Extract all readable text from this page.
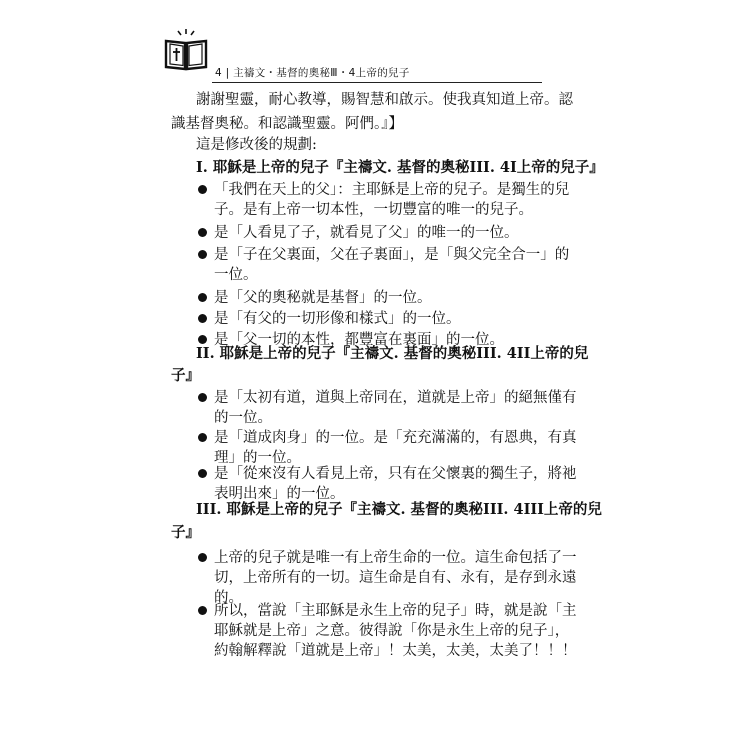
4 | 主禱文・基督的奧秘Ⅲ・4上帝的兒子
謝謝聖靈，耐心教導，賜智慧和啟示。使我真知道上帝。認
識基督奧秘。和認識聖靈。阿們。』】
這是修改後的規劃:
I. 耶穌是上帝的兒子『主禱文. 基督的奧秘III. 4I上帝的兒子』
「我們在天上的父」：主耶穌是上帝的兒子。是獨生的兒
子。是有上帝一切本性，一切豐富的唯一的兒子。
是「人看見了子，就看見了父」的唯一的一位。
是「子在父裏面，父在子裏面」，是「與父完全合一」的
一位。
是「父的奧秘就是基督」的一位。
是「有父的一切形像和樣式」的一位。
是「父一切的本性，都豐富在裏面」的一位。
II. 耶穌是上帝的兒子『主禱文. 基督的奧秘III. 4II上帝的兒
子』
是「太初有道，道與上帝同在，道就是上帝」的絕無僅有
的一位。
是「道成肉身」的一位。是「充充滿滿的，有恩典，有真
理」的一位。
是「從來沒有人看見上帝，只有在父懷裏的獨生子，將祂
表明出來」的一位。
III. 耶穌是上帝的兒子『主禱文. 基督的奧秘III. 4III上帝的兒
子』
上帝的兒子就是唯一有上帝生命的一位。這生命包括了一
切，上帝所有的一切。這生命是自有、永有，是存到永遠
的。
所以，當說「主耶穌是永生上帝的兒子」時，就是說「主
耶穌就是上帝」之意。彼得說「你是永生上帝的兒子」，
約翰解釋說「道就是上帝」！太美，太美，太美了！！！
